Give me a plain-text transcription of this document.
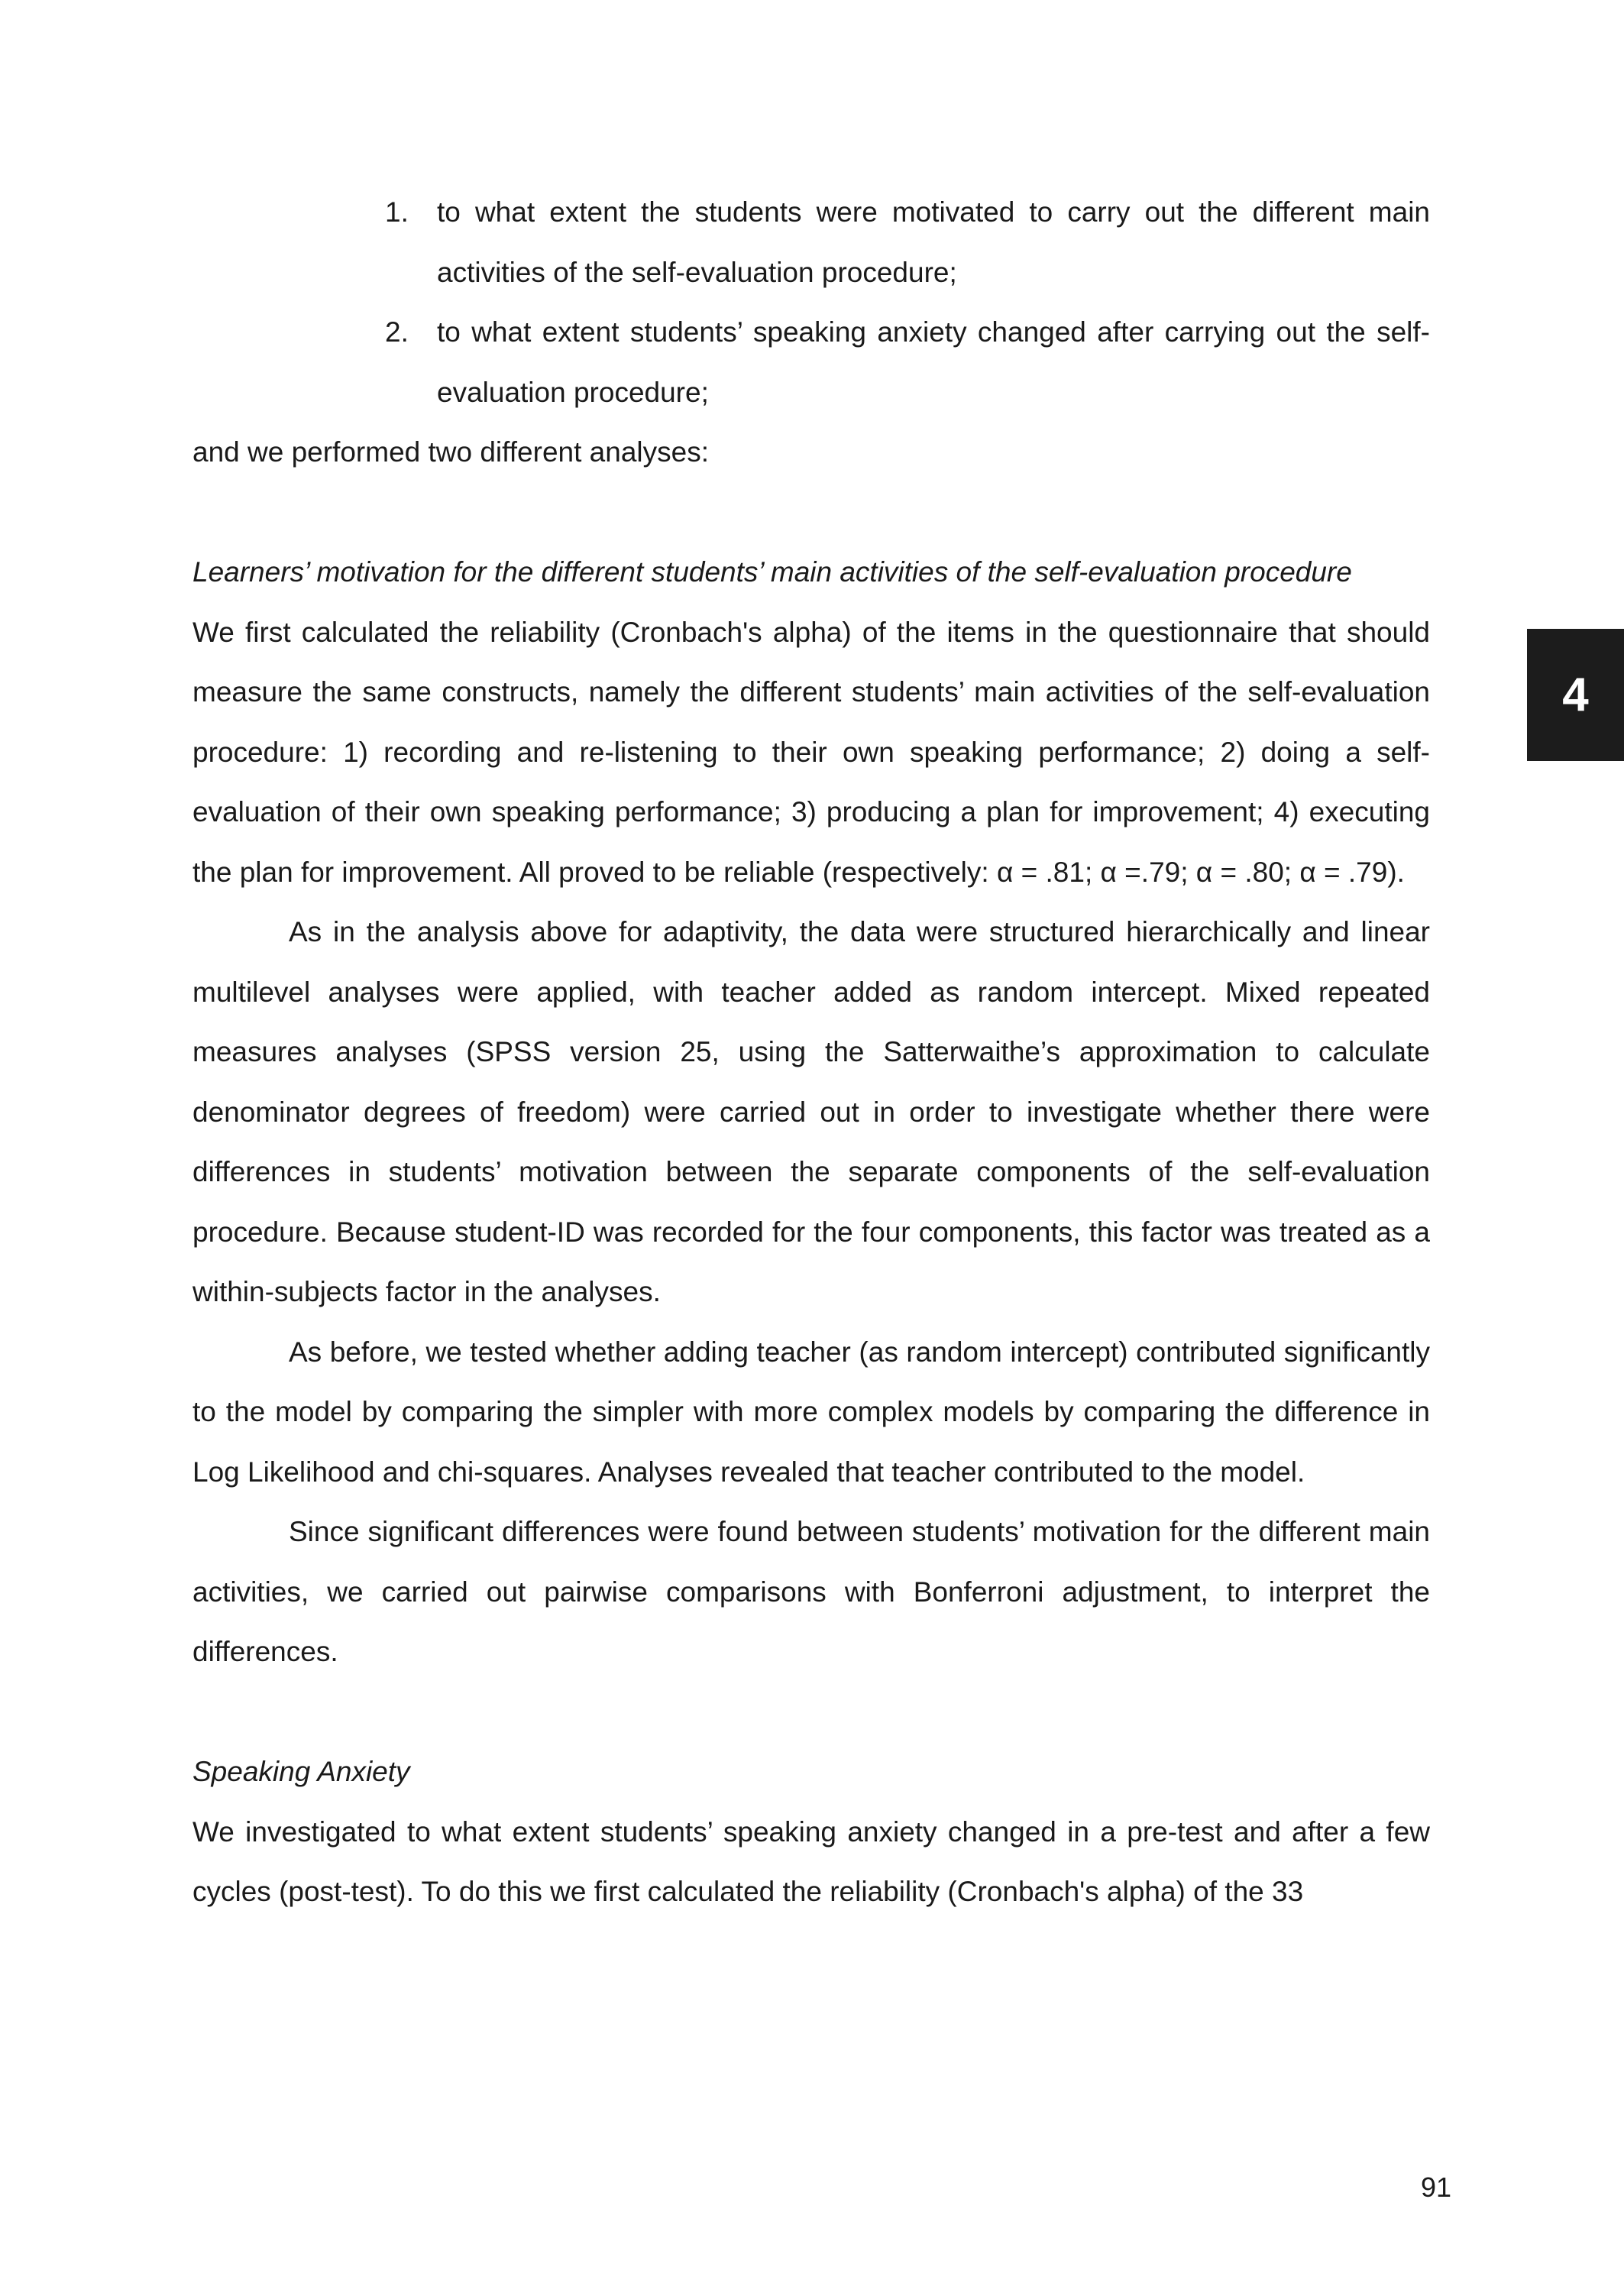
1. to what extent the students were motivated to carry out the different main activities of the self-evaluation procedure;
2. to what extent students’ speaking anxiety changed after carrying out the self-evaluation procedure;

and we performed two different analyses:

Learners’ motivation for the different students’ main activities of the self-evaluation procedure

We first calculated the reliability (Cronbach's alpha) of the items in the questionnaire that should measure the same constructs, namely the different students’ main activities of the self-evaluation procedure: 1) recording and re-listening to their own speaking performance; 2) doing a self-evaluation of their own speaking performance; 3) producing a plan for improvement; 4) executing the plan for improvement. All proved to be reliable (respectively: α = .81; α =.79; α = .80; α = .79).

As in the analysis above for adaptivity, the data were structured hierarchically and linear multilevel analyses were applied, with teacher added as random intercept. Mixed repeated measures analyses (SPSS version 25, using the Satterwaithe’s approximation to calculate denominator degrees of freedom) were carried out in order to investigate whether there were differences in students’ motivation between the separate components of the self-evaluation procedure. Because student-ID was recorded for the four components, this factor was treated as a within-subjects factor in the analyses.

As before, we tested whether adding teacher (as random intercept) contributed significantly to the model by comparing the simpler with more complex models by comparing the difference in Log Likelihood and chi-squares. Analyses revealed that teacher contributed to the model.

Since significant differences were found between students’ motivation for the different main activities, we carried out pairwise comparisons with Bonferroni adjustment, to interpret the differences.

Speaking Anxiety

We investigated to what extent students’ speaking anxiety changed in a pre-test and after a few cycles (post-test). To do this we first calculated the reliability (Cronbach's alpha) of the 33

4
91
